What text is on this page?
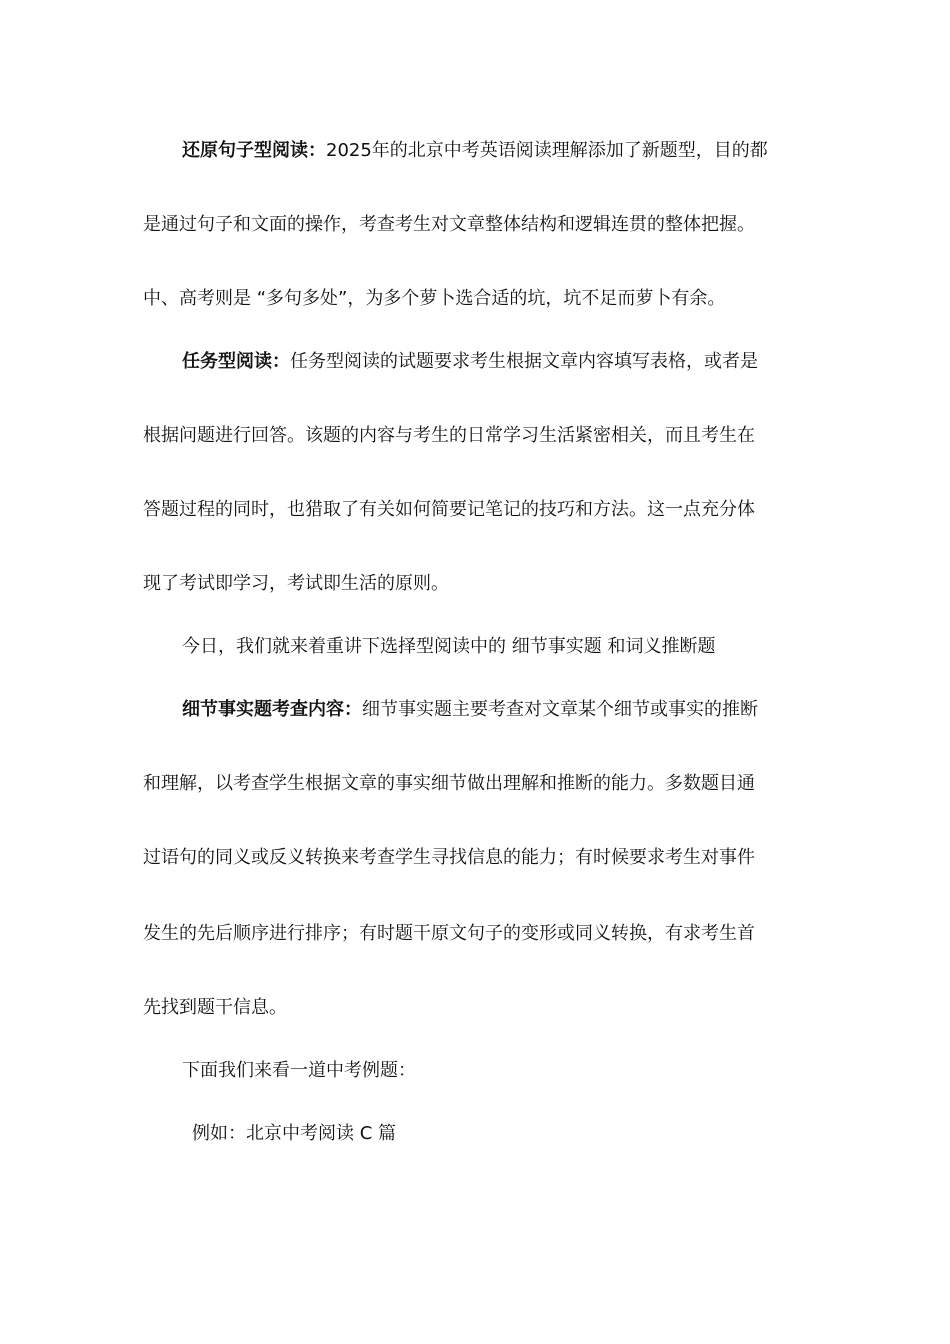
还原句子型阅读：2025年的北京中考英语阅读理解添加了新题型，目的都
是通过句子和文面的操作，考查考生对文章整体结构和逻辑连贯的整体把握。
中、高考则是 “多句多处”，为多个萝卜选合适的坑，坑不足而萝卜有余。
任务型阅读：任务型阅读的试题要求考生根据文章内容填写表格，或者是
根据问题进行回答。该题的内容与考生的日常学习生活紧密相关，而且考生在
答题过程的同时，也猎取了有关如何简要记笔记的技巧和方法。这一点充分体
现了考试即学习，考试即生活的原则。
今日，我们就来着重讲下选择型阅读中的 细节事实题 和词义推断题
细节事实题考查内容：细节事实题主要考查对文章某个细节或事实的推断
和理解，以考查学生根据文章的事实细节做出理解和推断的能力。多数题目通
过语句的同义或反义转换来考查学生寻找信息的能力；有时候要求考生对事件
发生的先后顺序进行排序；有时题干原文句子的变形或同义转换，有求考生首
先找到题干信息。
下面我们来看一道中考例题：
例如：北京中考阅读 C 篇
